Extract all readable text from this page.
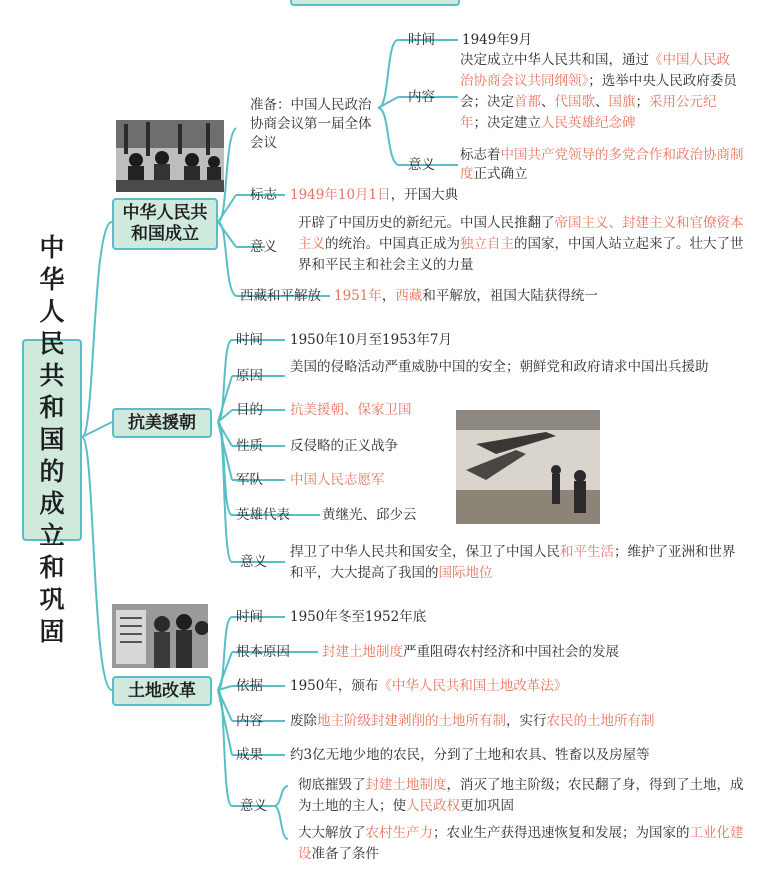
中华人民共和国的成立和巩固
中华人民共和国成立
抗美援朝
土地改革
准备：中国人民政治协商会议第一届全体会议
时间 1949年9月
内容
决定成立中华人民共和国，通过《中国人民政治协商会议共同纲领》；选举中央人民政府委员会；决定首都、代国歌、国旗；采用公元纪年；决定建立人民英雄纪念碑
意义
标志着中国共产党领导的多党合作和政治协商制度正式确立
标志 1949年10月1日，开国大典
意义
开辟了中国历史的新纪元。中国人民推翻了帝国主义、封建主义和官僚资本主义的统治。中国真正成为独立自主的国家，中国人站立起来了。壮大了世界和平民主和社会主义的力量
西藏和平解放 1951年，西藏和平解放，祖国大陆获得统一
时间 1950年10月至1953年7月
原因
美国的侵略活动严重威胁中国的安全；朝鲜党和政府请求中国出兵援助
目的 抗美援朝、保家卫国
性质 反侵略的正义战争
军队 中国人民志愿军
英雄代表 黄继光、邱少云
意义
捍卫了中华人民共和国安全，保卫了中国人民和平生活；维护了亚洲和世界和平，大大提高了我国的国际地位
时间 1950年冬至1952年底
根本原因 封建土地制度严重阻碍农村经济和中国社会的发展
依据 1950年，颁布《中华人民共和国土地改革法》
内容 废除地主阶级封建剥削的土地所有制，实行农民的土地所有制
成果 约3亿无地少地的农民，分到了土地和农具、牲畜以及房屋等
意义
彻底摧毁了封建土地制度，消灭了地主阶级；农民翻了身，得到了土地，成为土地的主人；使人民政权更加巩固
大大解放了农村生产力；农业生产获得迅速恢复和发展；为国家的工业化建设准备了条件
